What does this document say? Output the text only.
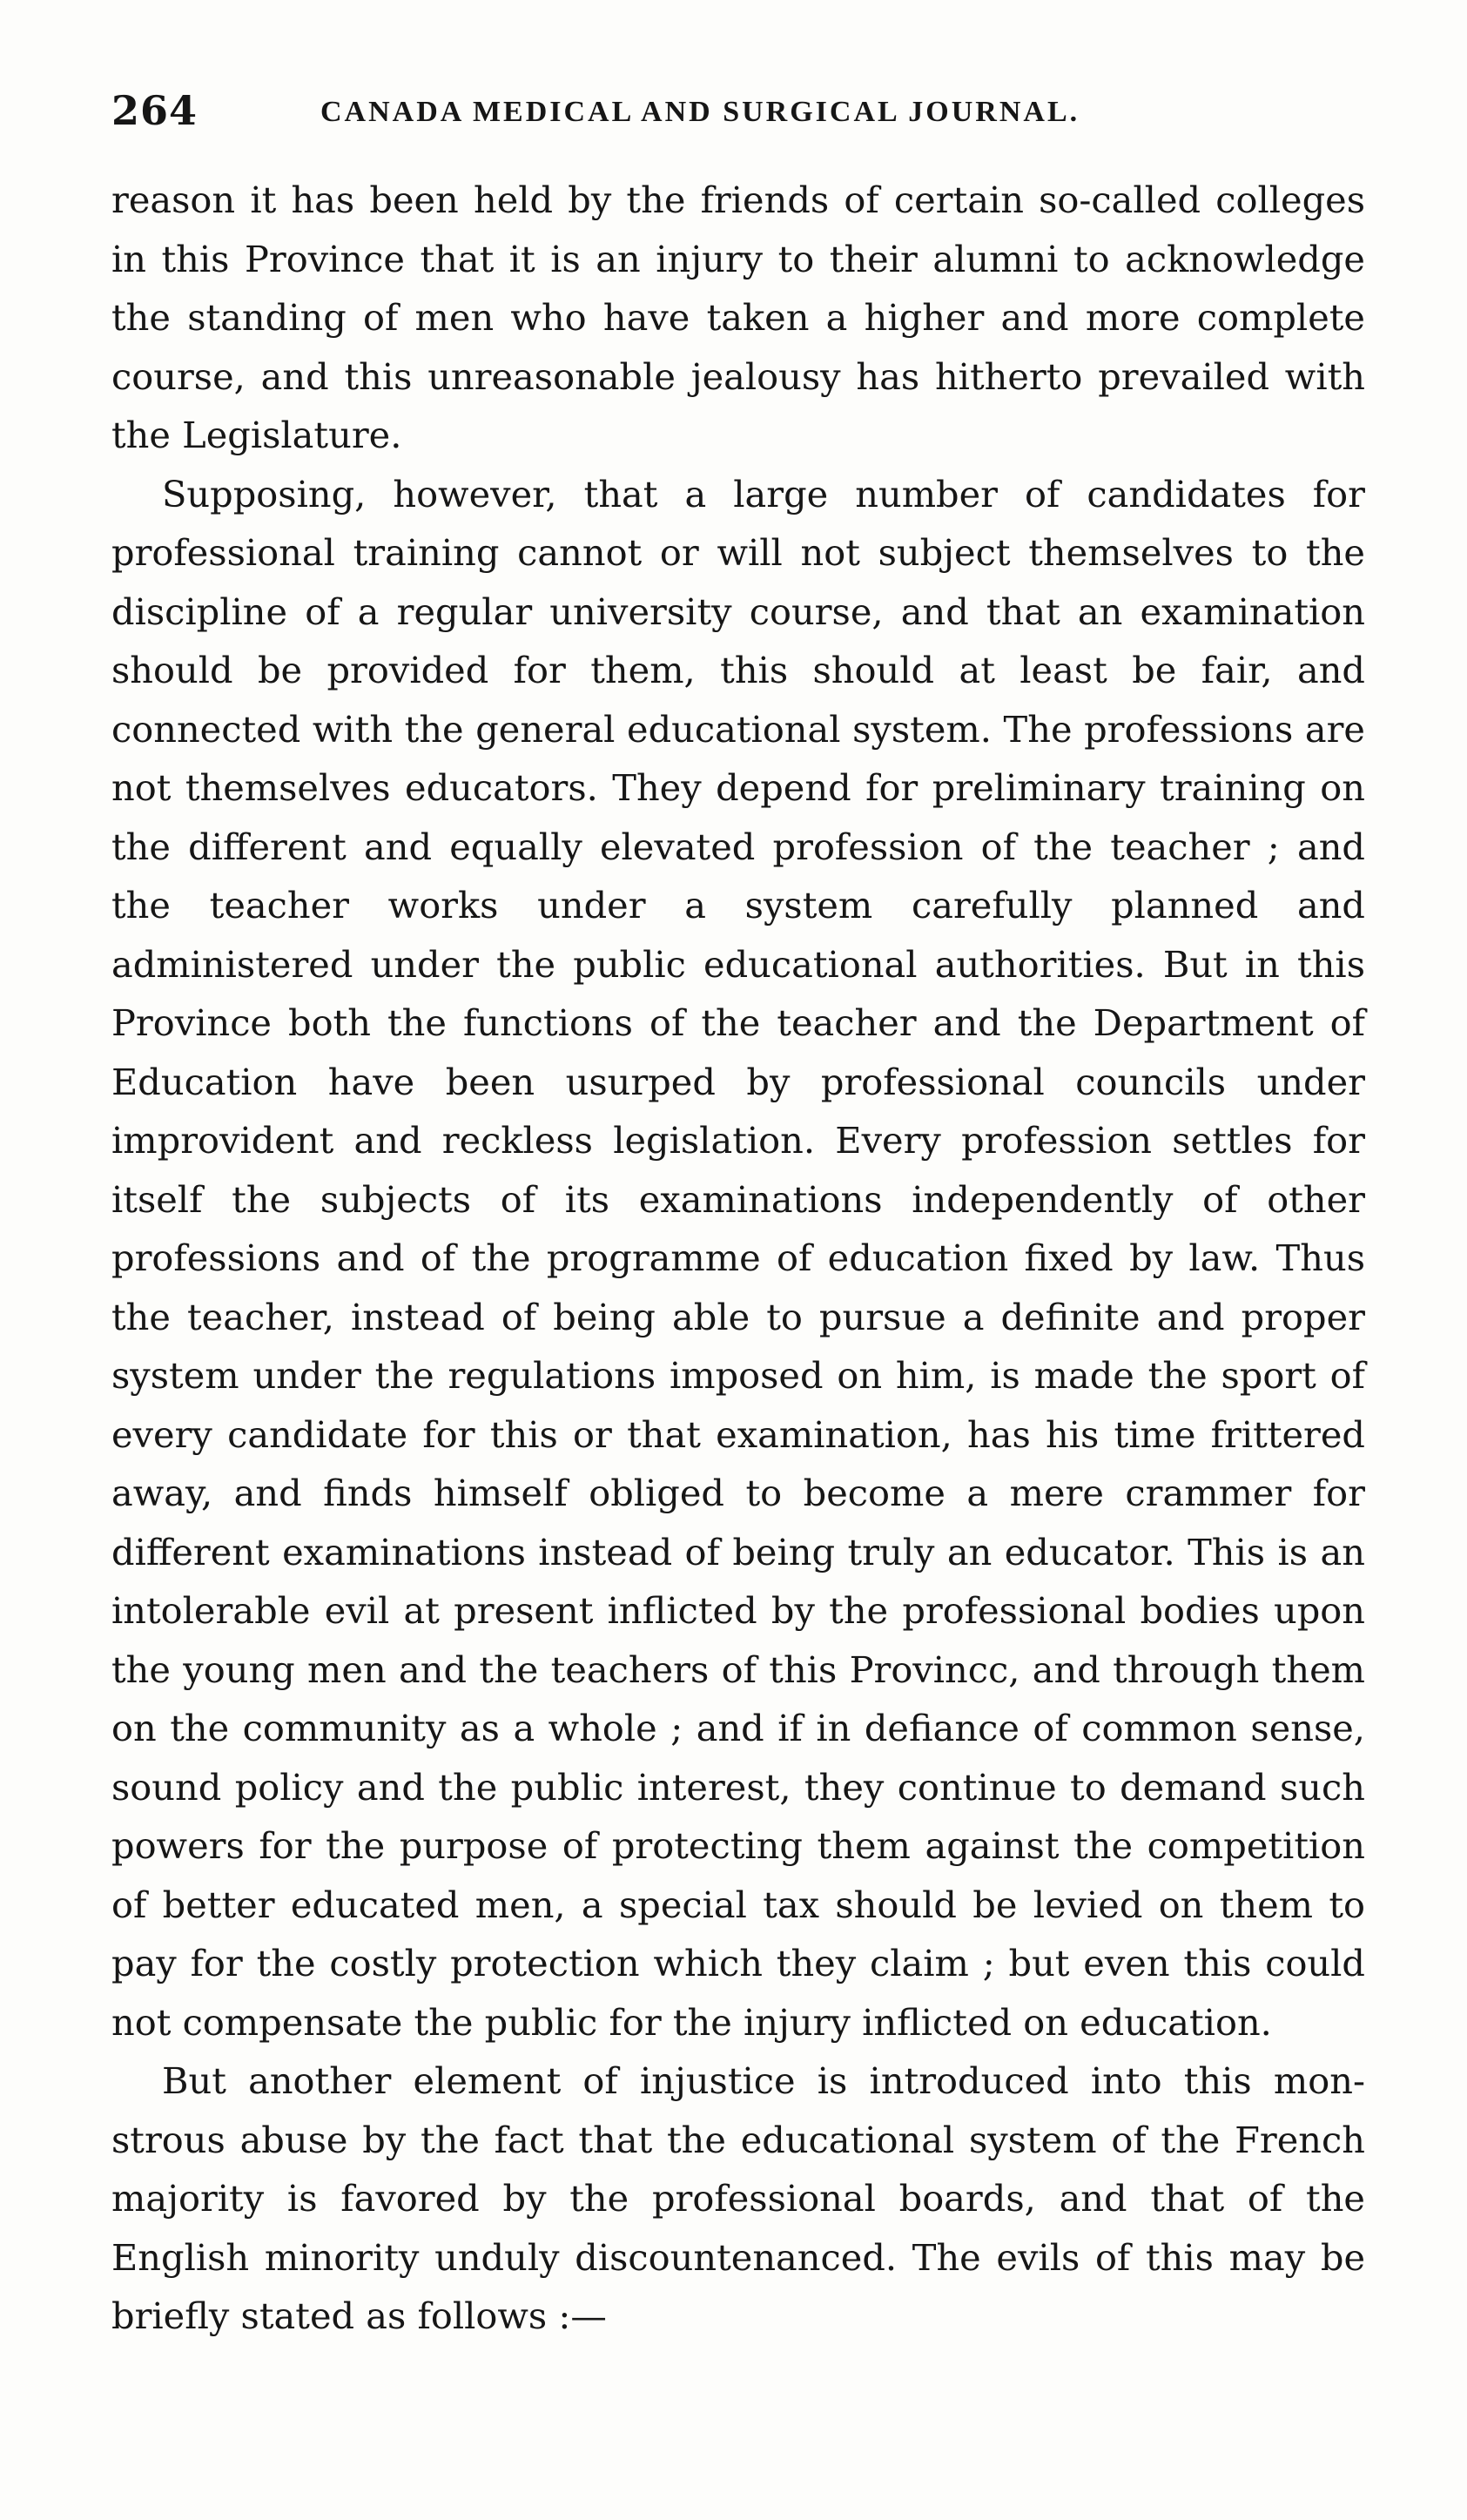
264	CANADA MEDICAL AND SURGICAL JOURNAL.

reason it has been held by the friends of certain so-called colleges in this Province that it is an injury to their alumni to acknowledge the standing of men who have taken a higher and more complete course, and this unreasonable jealousy has hitherto prevailed with the Legislature.

Supposing, however, that a large number of candidates for professional training cannot or will not subject themselves to the discipline of a regular university course, and that an examination should be provided for them, this should at least be fair, and connected with the general educational system. The professions are not themselves educators. They depend for preliminary training on the different and equally elevated profession of the teacher ; and the teacher works under a system carefully planned and administered under the public educational authorities. But in this Province both the functions of the teacher and the Department of Education have been usurped by professional councils under improvident and reckless legislation. Every profession settles for itself the subjects of its examinations independently of other professions and of the programme of education fixed by law. Thus the teacher, instead of being able to pursue a definite and proper system under the regulations imposed on him, is made the sport of every candidate for this or that examination, has his time frittered away, and finds himself obliged to become a mere crammer for different examinations instead of being truly an educator. This is an intolerable evil at present inflicted by the professional bodies upon the young men and the teachers of this Provincc, and through them on the community as a whole ; and if in defiance of common sense, sound policy and the public interest, they continue to demand such powers for the purpose of protecting them against the competition of better educated men, a special tax should be levied on them to pay for the costly protection which they claim ; but even this could not compensate the public for the injury inflicted on education.

But another element of injustice is introduced into this monstrous abuse by the fact that the educational system of the French majority is favored by the professional boards, and that of the English minority unduly discountenanced. The evils of this may be briefly stated as follows :—
